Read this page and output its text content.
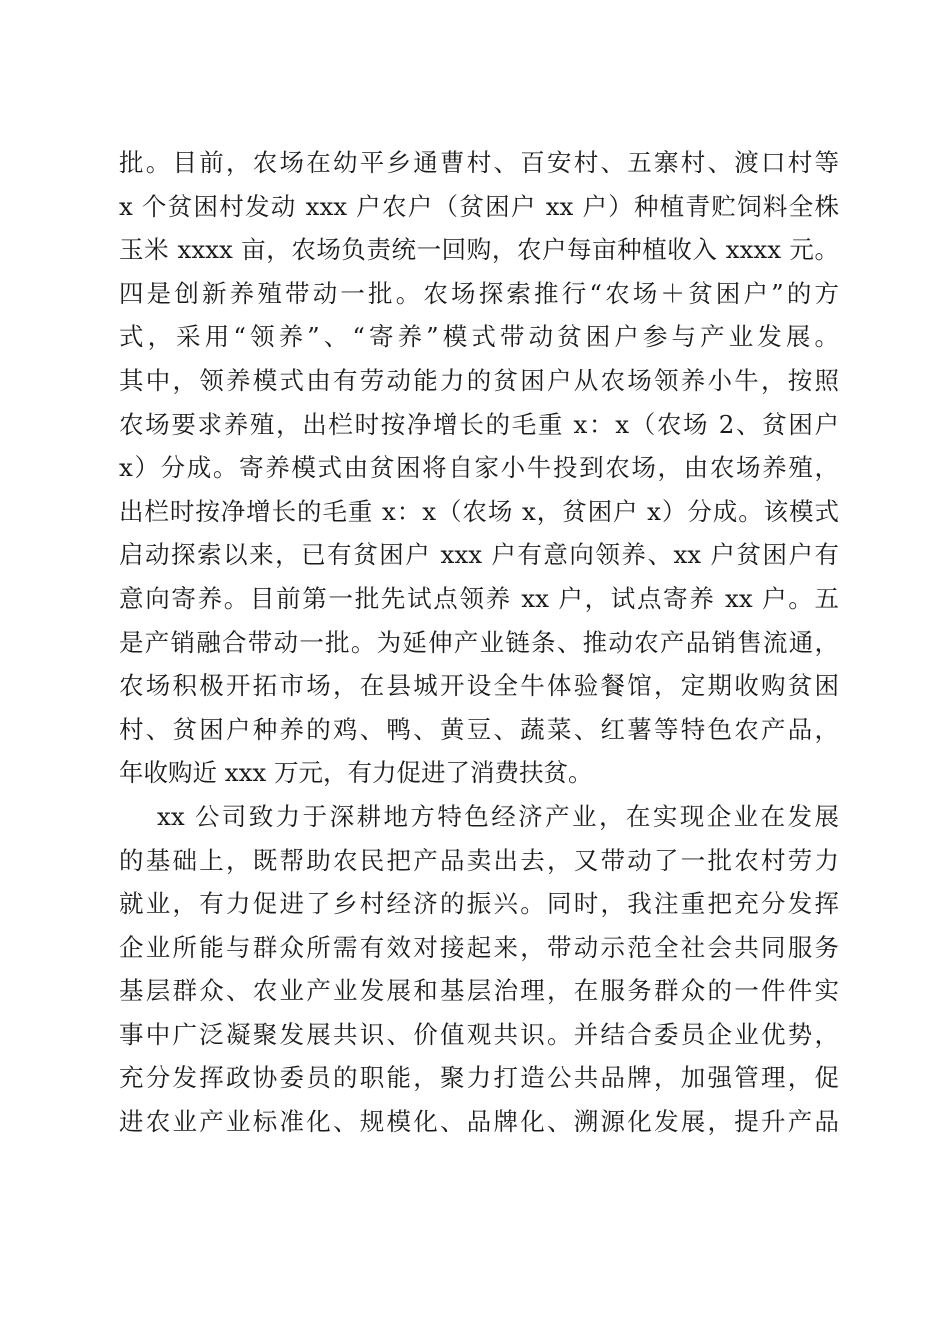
批。目前，农场在幼平乡通曹村、百安村、五寨村、渡口村等
x 个贫困村发动 xxx 户农户（贫困户 xx 户）种植青贮饲料全株
玉米 xxxx 亩，农场负责统一回购，农户每亩种植收入 xxxx 元。
四是创新养殖带动一批。农场探索推行“农场＋贫困户”的方
式，采用“领养”、“寄养”模式带动贫困户参与产业发展。
其中，领养模式由有劳动能力的贫困户从农场领养小牛，按照
农场要求养殖，出栏时按净增长的毛重 x：x（农场 2、贫困户
x）分成。寄养模式由贫困将自家小牛投到农场，由农场养殖，
出栏时按净增长的毛重 x：x（农场 x，贫困户 x）分成。该模式
启动探索以来，已有贫困户 xxx 户有意向领养、xx 户贫困户有
意向寄养。目前第一批先试点领养 xx 户，试点寄养 xx 户。五
是产销融合带动一批。为延伸产业链条、推动农产品销售流通，
农场积极开拓市场，在县城开设全牛体验餐馆，定期收购贫困
村、贫困户种养的鸡、鸭、黄豆、蔬菜、红薯等特色农产品，
年收购近 xxx 万元，有力促进了消费扶贫。
xx 公司致力于深耕地方特色经济产业，在实现企业在发展
的基础上，既帮助农民把产品卖出去，又带动了一批农村劳力
就业，有力促进了乡村经济的振兴。同时，我注重把充分发挥
企业所能与群众所需有效对接起来，带动示范全社会共同服务
基层群众、农业产业发展和基层治理，在服务群众的一件件实
事中广泛凝聚发展共识、价值观共识。并结合委员企业优势，
充分发挥政协委员的职能，聚力打造公共品牌，加强管理，促
进农业产业标准化、规模化、品牌化、溯源化发展，提升产品
